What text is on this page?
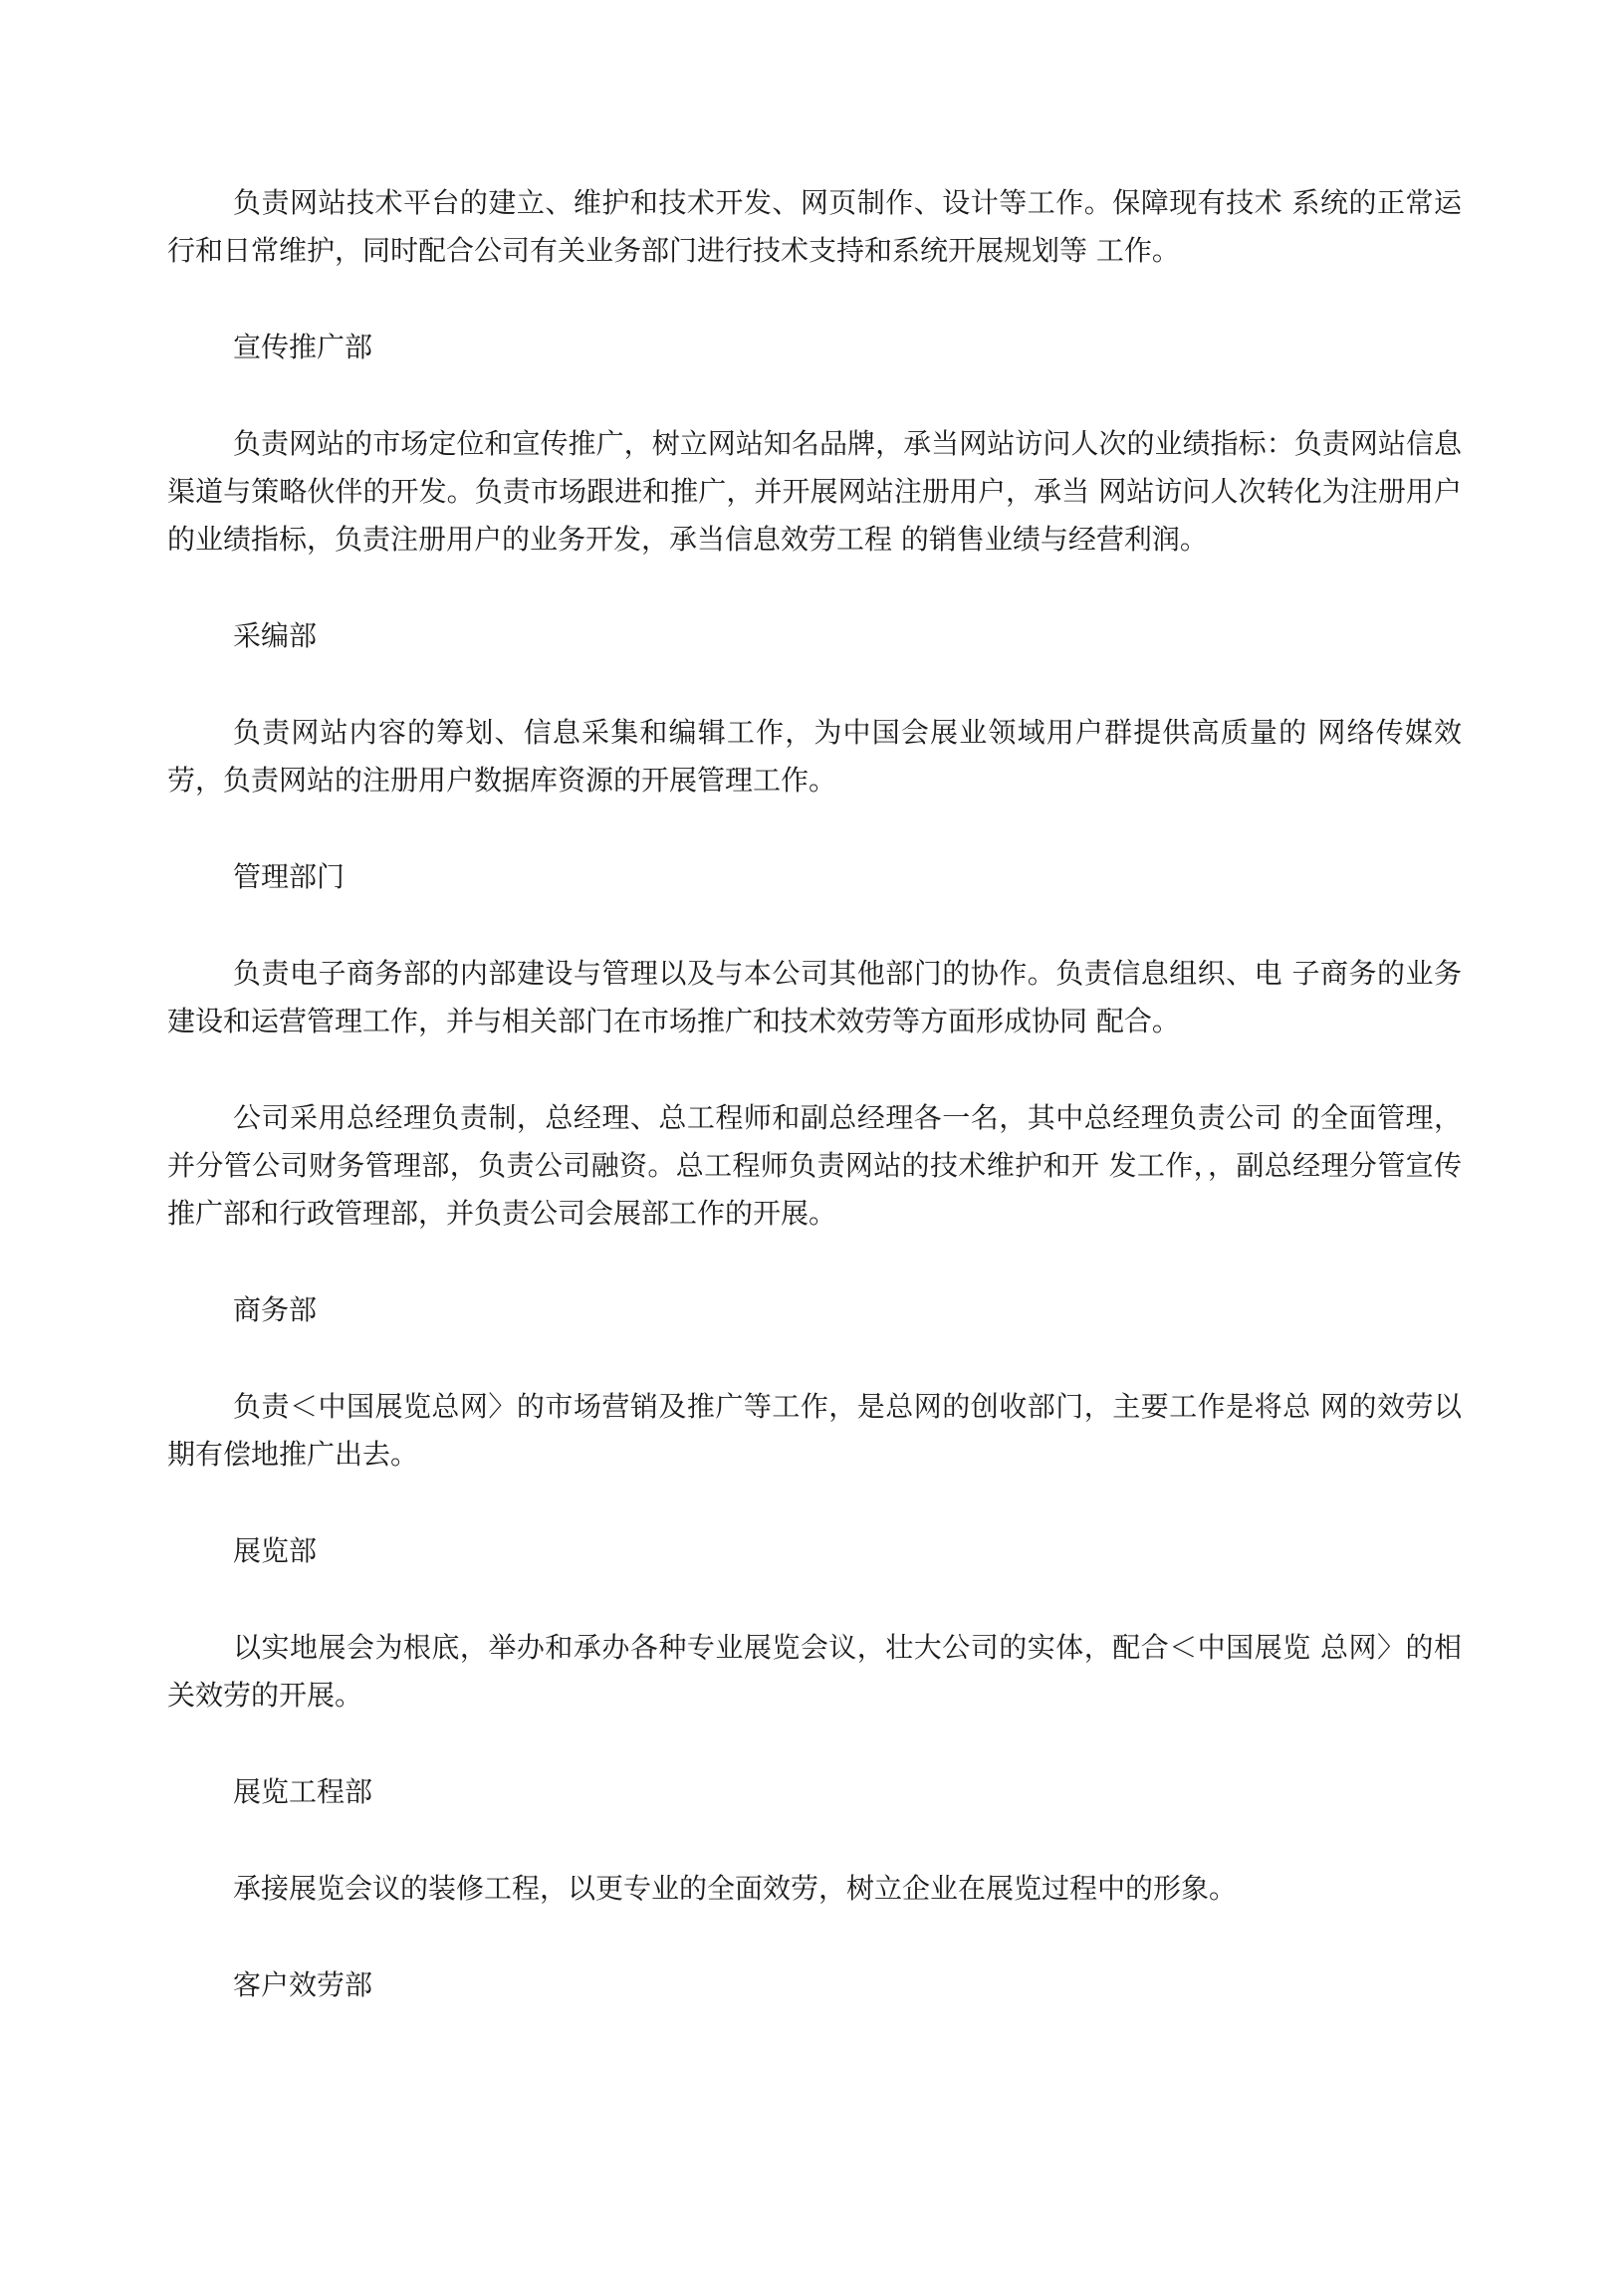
负责网站技术平台的建立、维护和技术开发、网页制作、设计等工作。保障现有技术 系统的正常运行和日常维护，同时配合公司有关业务部门进行技术支持和系统开展规划等 工作。

宣传推广部

负责网站的市场定位和宣传推广，树立网站知名品牌，承当网站访问人次的业绩指标：负责网站信息渠道与策略伙伴的开发。负责市场跟进和推广，并开展网站注册用户，承当 网站访问人次转化为注册用户的业绩指标，负责注册用户的业务开发，承当信息效劳工程 的销售业绩与经营利润。

采编部

负责网站内容的筹划、信息采集和编辑工作，为中国会展业领域用户群提供高质量的 网络传媒效劳，负责网站的注册用户数据库资源的开展管理工作。

管理部门

负责电子商务部的内部建设与管理以及与本公司其他部门的协作。负责信息组织、电 子商务的业务建设和运营管理工作，并与相关部门在市场推广和技术效劳等方面形成协同 配合。

公司采用总经理负责制，总经理、总工程师和副总经理各一名，其中总经理负责公司 的全面管理，并分管公司财务管理部，负责公司融资。总工程师负责网站的技术维护和开 发工作，，副总经理分管宣传推广部和行政管理部，并负责公司会展部工作的开展。

商务部

负责＜中国展览总网〉的市场营销及推广等工作，是总网的创收部门，主要工作是将总 网的效劳以期有偿地推广出去。

展览部

以实地展会为根底，举办和承办各种专业展览会议，壮大公司的实体，配合＜中国展览 总网〉的相关效劳的开展。

展览工程部

承接展览会议的装修工程，以更专业的全面效劳，树立企业在展览过程中的形象。

客户效劳部
